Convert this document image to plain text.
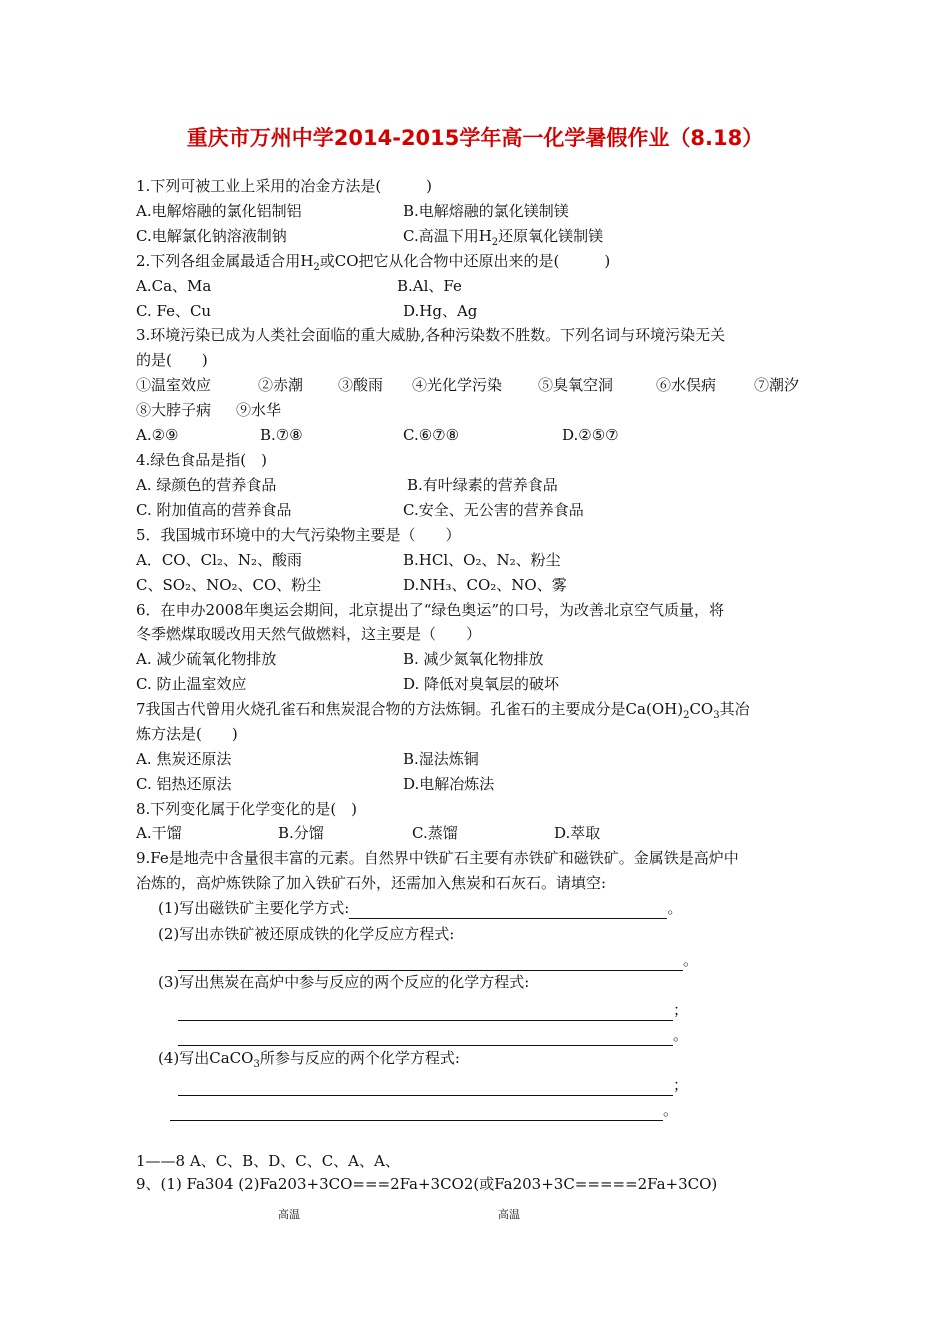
重庆市万州中学2014-2015学年高一化学暑假作业（8.18）
1.下列可被工业上采用的冶金方法是(　　　)
A.电解熔融的氯化铝制铝	B.电解熔融的氯化镁制镁
C.电解氯化钠溶液制钠	C.高温下用$H_2$还原氧化镁制镁
2.下列各组金属最适合用$H_2$或CO把它从化合物中还原出来的是(　　　)
A.Ca、Ma	B.Al、Fe
C. Fe、Cu	D.Hg、Ag
3.环境污染已成为人类社会面临的重大威胁,各种污染数不胜数。下列名词与环境污染无关
的是(　　)
①温室效应	②赤潮 ③酸雨 ④光化学污染 ⑤臭氧空洞	⑥水俣病	⑦潮汐
⑧大脖子病 ⑨水华
A.②⑨	B.⑦⑧	C.⑥⑦⑧	D.②⑤⑦
4.绿色食品是指(　)
A. 绿颜色的营养食品	B.有叶绿素的营养食品
C. 附加值高的营养食品	C.安全、无公害的营养食品
5．我国城市环境中的大气污染物主要是（　　）
A．CO、Cl₂、N₂、酸雨	B.HCl、O₂、N₂、粉尘
C、SO₂、NO₂、CO、粉尘	D.NH₃、CO₂、NO、雾
6．在申办2008年奥运会期间，北京提出了“绿色奥运”的口号，为改善北京空气质量，将
冬季燃煤取暖改用天然气做燃料，这主要是（　　）
A. 减少硫氧化物排放	B. 减少氮氧化物排放
C. 防止温室效应	D. 降低对臭氧层的破坏
7我国古代曾用火烧孔雀石和焦炭混合物的方法炼铜。孔雀石的主要成分是$Ca(OH)_2CO_3$其冶
炼方法是(　　)
A. 焦炭还原法	B.湿法炼铜
C. 铝热还原法	D.电解冶炼法
8.下列变化属于化学变化的是(　)
A.干馏	B.分馏	C.蒸馏	D.萃取
9.Fe是地壳中含量很丰富的元素。自然界中铁矿石主要有赤铁矿和磁铁矿。金属铁是高炉中
冶炼的，高炉炼铁除了加入铁矿石外，还需加入焦炭和石灰石。请填空:
(1)写出磁铁矿主要化学方式:	。
(2)写出赤铁矿被还原成铁的化学反应方程式:
。
(3)写出焦炭在高炉中参与反应的两个反应的化学方程式:
；
。
(4)写出CaCO$_3$所参与反应的两个化学方程式:
；
。
1——8 A、C、B、D、C、C、A、A、
9、(1) Fa304 (2)Fa203+3CO===2Fa+3CO2(或Fa203+3C=====2Fa+3CO)
高温	高温
